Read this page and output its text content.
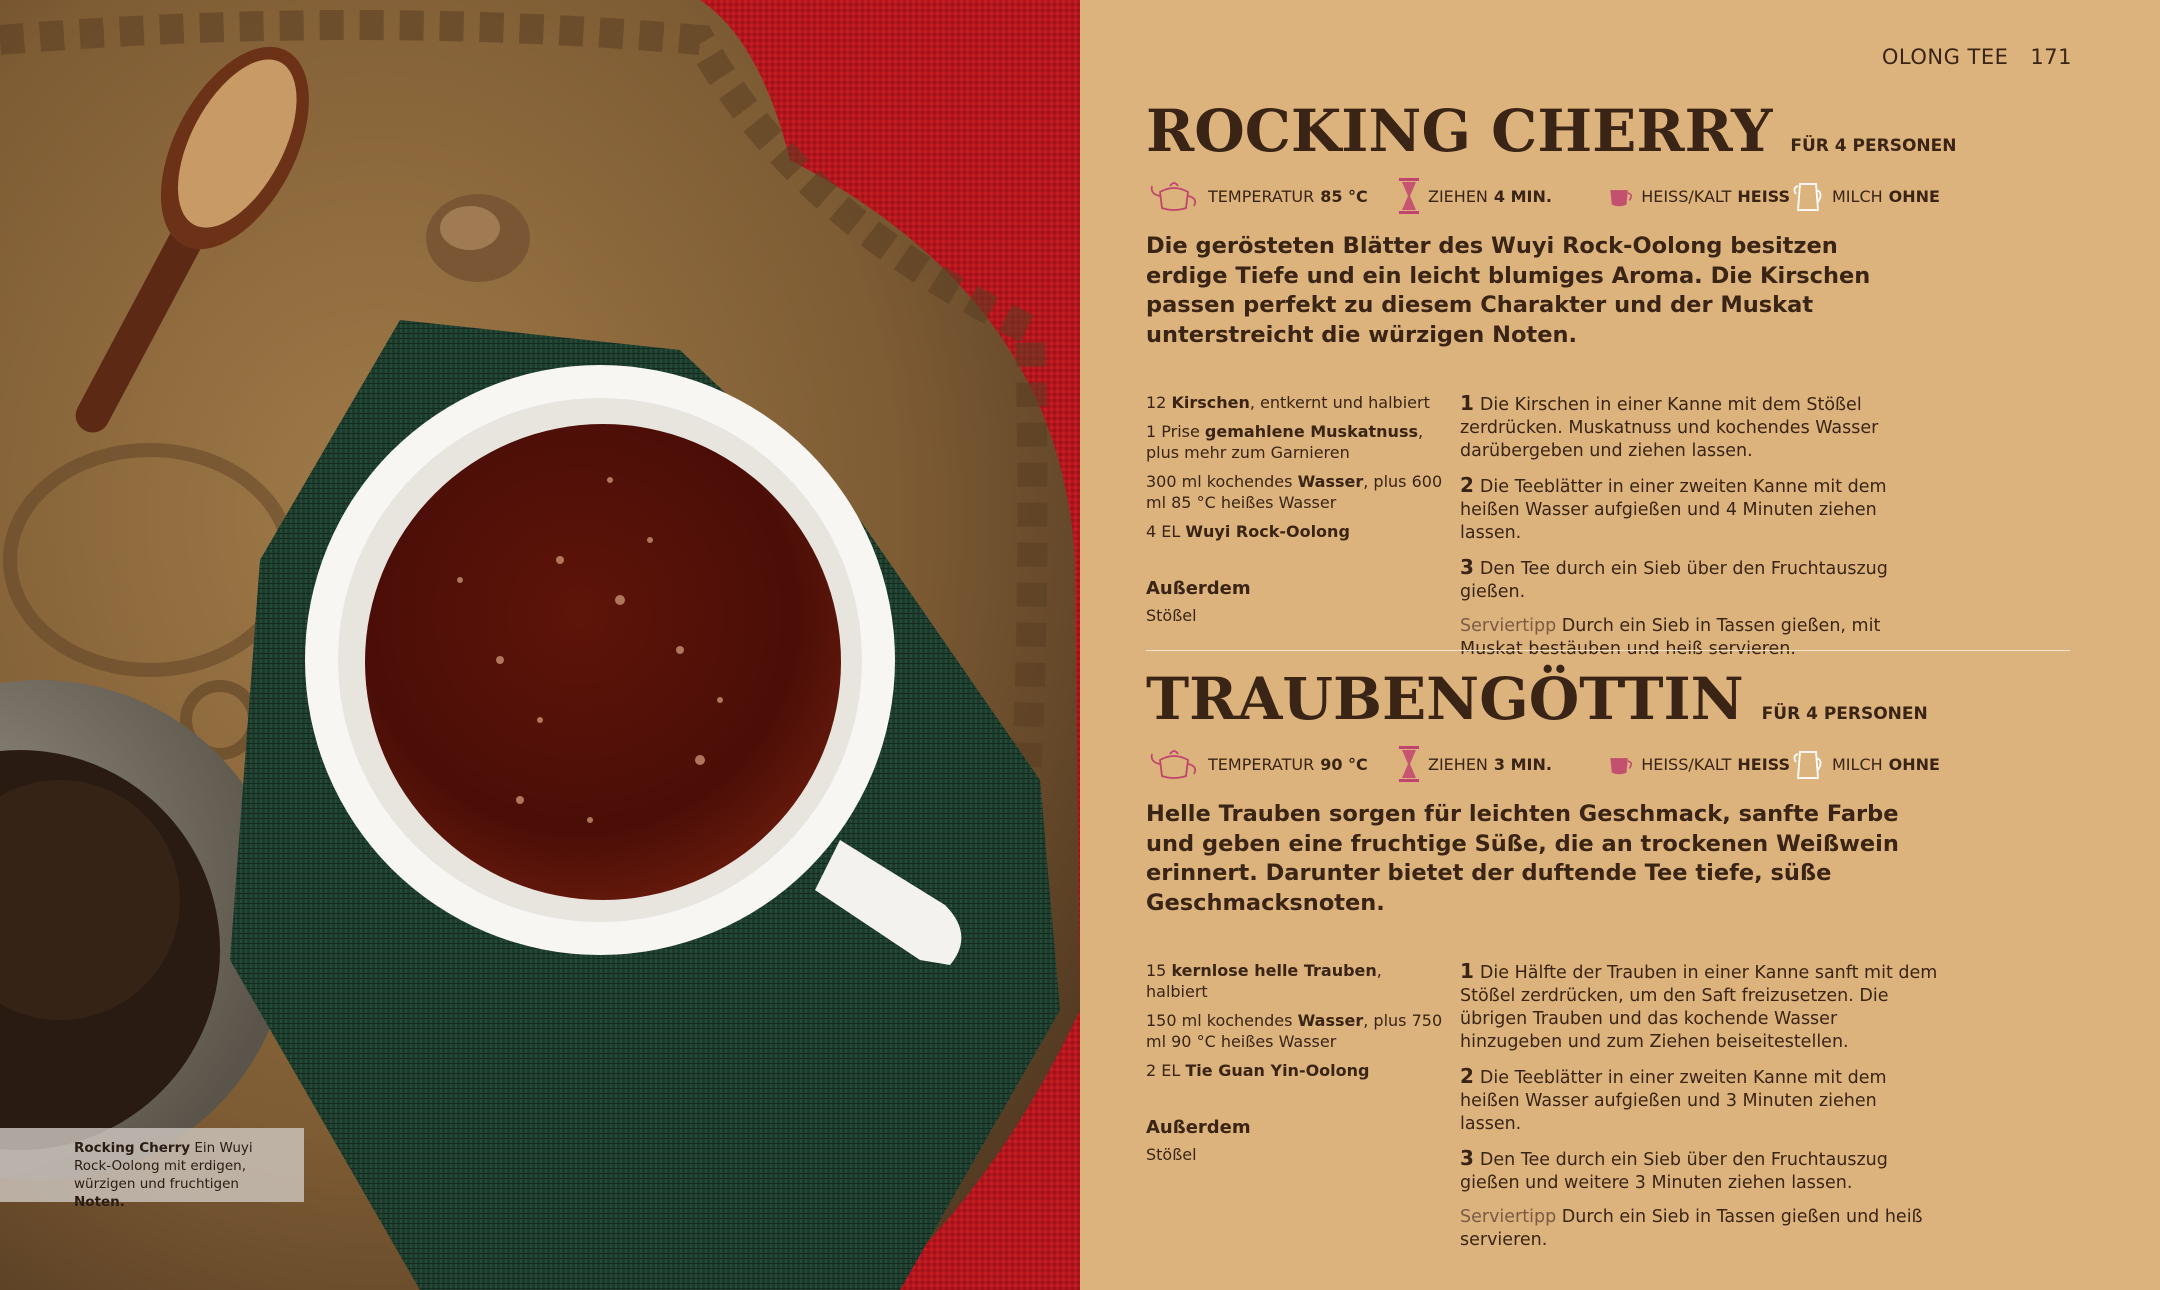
Rocking Cherry Ein Wuyi Rock-Oolong mit erdigen, würzigen und fruchtigen Noten.
OLONG TEE 171
ROCKING CHERRY FÜR 4 PERSONEN
TEMPERATUR 85 °C	ZIEHEN 4 MIN.	HEISS/KALT HEISS	MILCH OHNE

Die gerösteten Blätter des Wuyi Rock-Oolong besitzen erdige Tiefe und ein leicht blumiges Aroma. Die Kirschen passen perfekt zu diesem Charakter und der Muskat unterstreicht die würzigen Noten.

12 Kirschen, entkernt und halbiert

1 Prise gemahlene Muskatnuss, plus mehr zum Garnieren

300 ml kochendes Wasser, plus 600 ml 85 °C heißes Wasser

4 EL Wuyi Rock-Oolong

Außerdem

Stößel

1 Die Kirschen in einer Kanne mit dem Stößel zerdrücken. Muskatnuss und kochendes Wasser darübergeben und ziehen lassen.

2 Die Teeblätter in einer zweiten Kanne mit dem heißen Wasser aufgießen und 4 Minuten ziehen lassen.

3 Den Tee durch ein Sieb über den Fruchtauszug gießen.

Serviertipp Durch ein Sieb in Tassen gießen, mit Muskat bestäuben und heiß servieren.

TRAUBENGÖTTIN FÜR 4 PERSONEN
TEMPERATUR 90 °C	ZIEHEN 3 MIN.	HEISS/KALT HEISS	MILCH OHNE

Helle Trauben sorgen für leichten Geschmack, sanfte Farbe und geben eine fruchtige Süße, die an trockenen Weißwein erinnert. Darunter bietet der duftende Tee tiefe, süße Geschmacksnoten.

15 kernlose helle Trauben, halbiert

150 ml kochendes Wasser, plus 750 ml 90 °C heißes Wasser

2 EL Tie Guan Yin-Oolong

Außerdem

Stößel

1 Die Hälfte der Trauben in einer Kanne sanft mit dem Stößel zerdrücken, um den Saft freizusetzen. Die übrigen Trauben und das kochende Wasser hinzugeben und zum Ziehen beiseitestellen.

2 Die Teeblätter in einer zweiten Kanne mit dem heißen Wasser aufgießen und 3 Minuten ziehen lassen.

3 Den Tee durch ein Sieb über den Fruchtauszug gießen und weitere 3 Minuten ziehen lassen.

Serviertipp Durch ein Sieb in Tassen gießen und heiß servieren.
